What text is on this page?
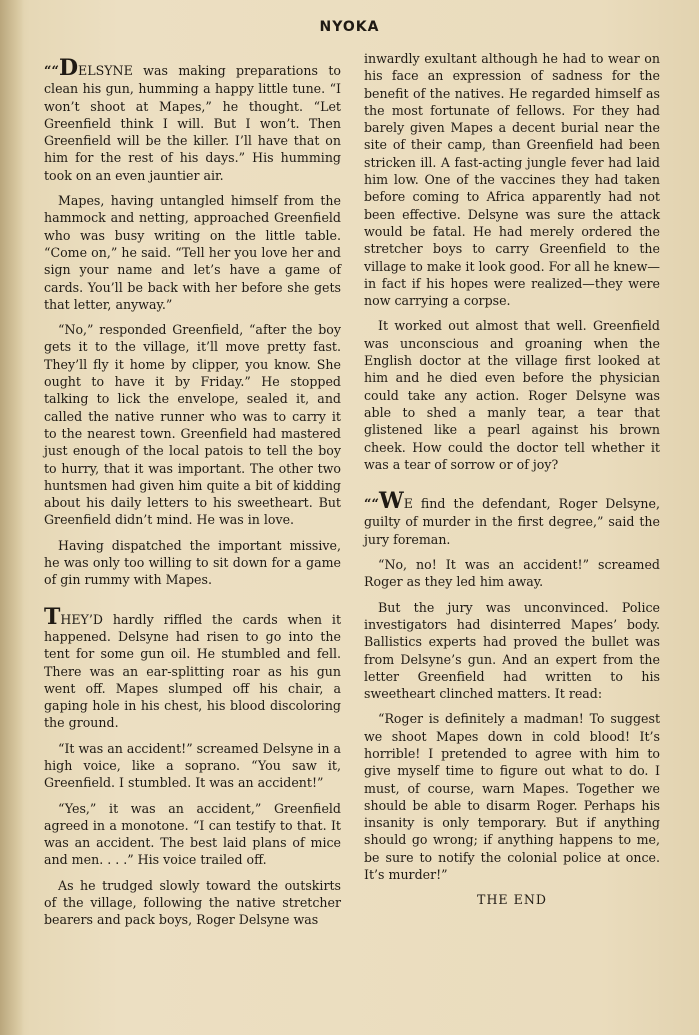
NYOKA

““DELSYNE was making preparations to clean his gun, humming a happy little tune. “I won’t shoot at Mapes,” he thought. “Let Greenfield think I will. But I won’t. Then Greenfield will be the killer. I’ll have that on him for the rest of his days.” His humming took on an even jauntier air.

Mapes, having untangled himself from the hammock and netting, approached Greenfield who was busy writing on the little table. “Come on,” he said. “Tell her you love her and sign your name and let’s have a game of cards. You’ll be back with her before she gets that letter, anyway.”

“No,” responded Greenfield, “after the boy gets it to the village, it’ll move pretty fast. They’ll fly it home by clipper, you know. She ought to have it by Friday.” He stopped talking to lick the envelope, sealed it, and called the native runner who was to carry it to the nearest town. Greenfield had mastered just enough of the local patois to tell the boy to hurry, that it was important. The other two huntsmen had given him quite a bit of kidding about his daily letters to his sweetheart. But Greenfield didn’t mind. He was in love.

Having dispatched the important missive, he was only too willing to sit down for a game of gin rummy with Mapes.

THEY’D hardly riffled the cards when it happened. Delsyne had risen to go into the tent for some gun oil. He stumbled and fell. There was an ear-splitting roar as his gun went off. Mapes slumped off his chair, a gaping hole in his chest, his blood discoloring the ground.

“It was an accident!” screamed Delsyne in a high voice, like a soprano. “You saw it, Greenfield. I stumbled. It was an accident!”

“Yes,” it was an accident,” Greenfield agreed in a monotone. “I can testify to that. It was an accident. The best laid plans of mice and men. . . .” His voice trailed off.

As he trudged slowly toward the outskirts of the village, following the native stretcher bearers and pack boys, Roger Delsyne was

inwardly exultant although he had to wear on his face an expression of sadness for the benefit of the natives. He regarded himself as the most fortunate of fellows. For they had barely given Mapes a decent burial near the site of their camp, than Greenfield had been stricken ill. A fast-acting jungle fever had laid him low. One of the vaccines they had taken before coming to Africa apparently had not been effective. Delsyne was sure the attack would be fatal. He had merely ordered the stretcher boys to carry Greenfield to the village to make it look good. For all he knew—in fact if his hopes were realized—they were now carrying a corpse.

It worked out almost that well. Greenfield was unconscious and groaning when the English doctor at the village first looked at him and he died even before the physician could take any action. Roger Delsyne was able to shed a manly tear, a tear that glistened like a pearl against his brown cheek. How could the doctor tell whether it was a tear of sorrow or of joy?

““WE find the defendant, Roger Delsyne, guilty of murder in the first degree,” said the jury foreman.

“No, no! It was an accident!” screamed Roger as they led him away.

But the jury was unconvinced. Police investigators had disinterred Mapes’ body. Ballistics experts had proved the bullet was from Delsyne’s gun. And an expert from the letter Greenfield had written to his sweetheart clinched matters. It read:

“Roger is definitely a madman! To suggest we shoot Mapes down in cold blood! It’s horrible! I pretended to agree with him to give myself time to figure out what to do. I must, of course, warn Mapes. Together we should be able to disarm Roger. Perhaps his insanity is only temporary. But if anything should go wrong; if anything happens to me, be sure to notify the colonial police at once. It’s murder!”

THE END
